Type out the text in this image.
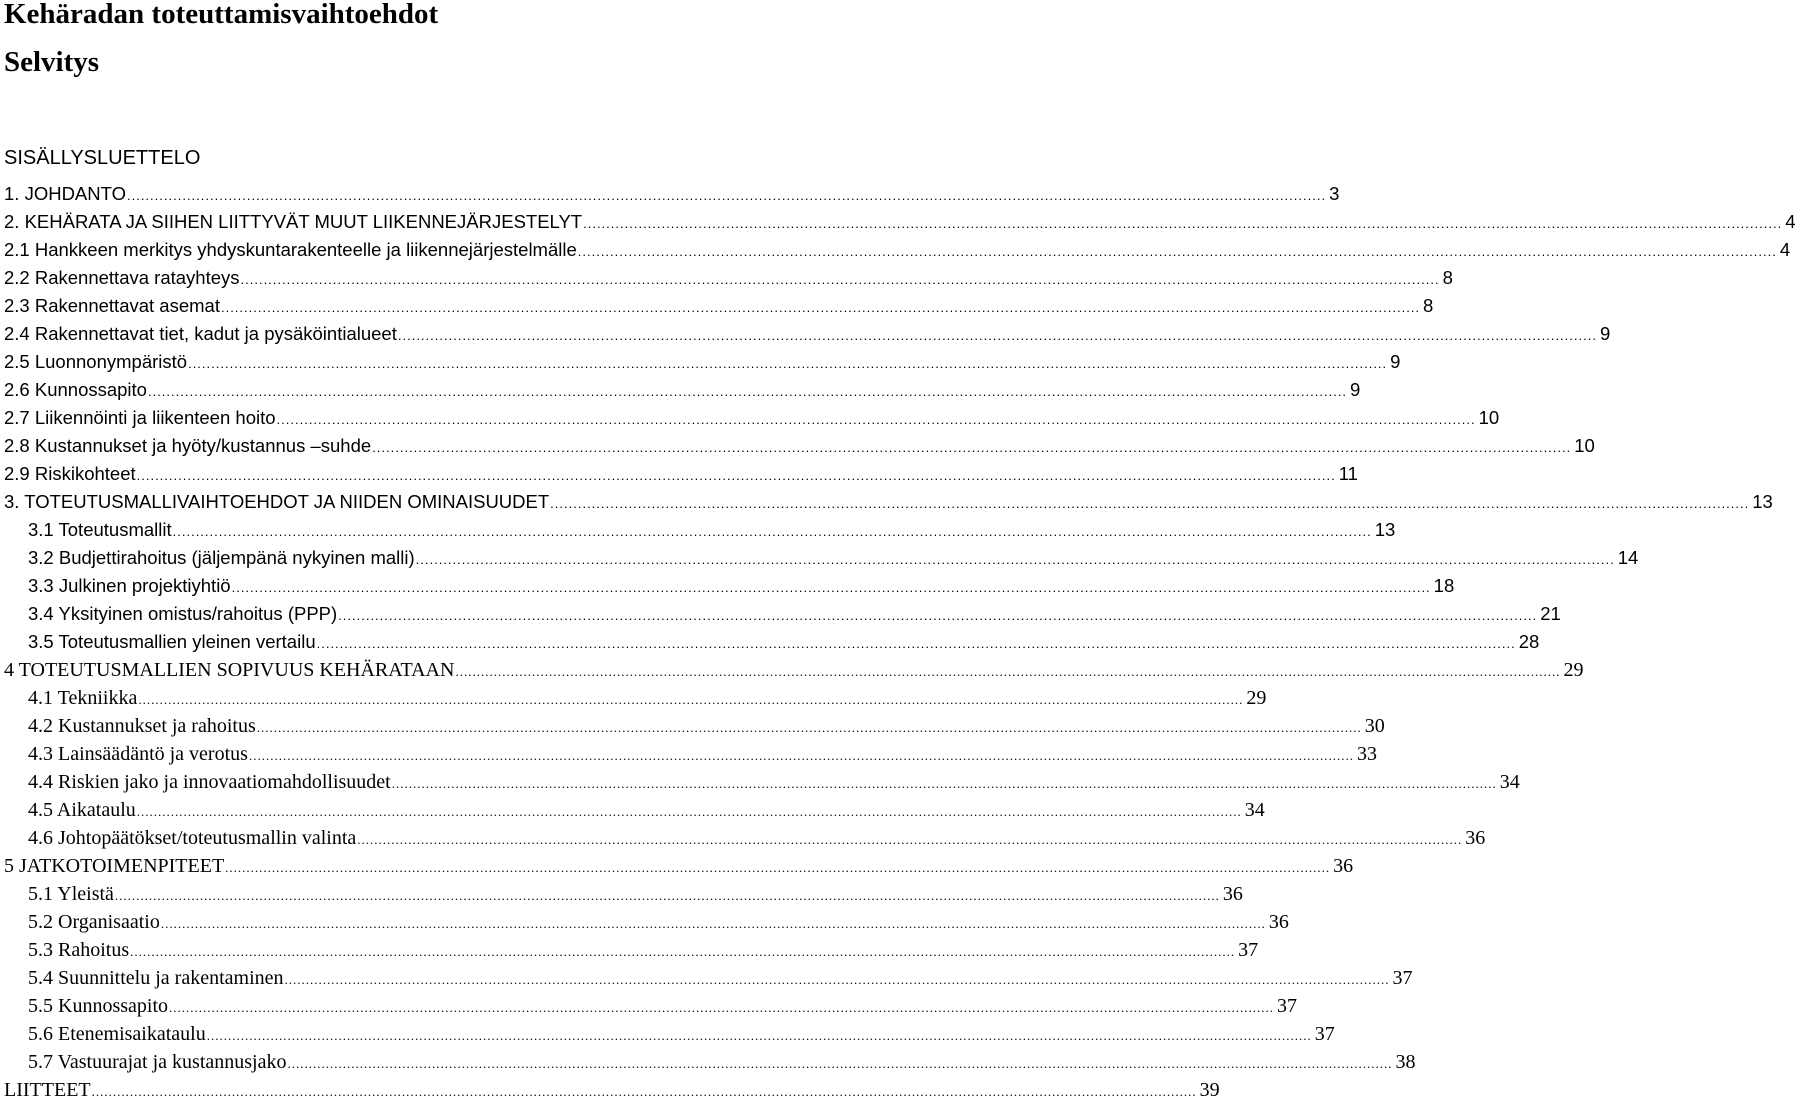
Kehäradan toteuttamisvaihtoehdot
Selvitys
SISÄLLYSLUETTELO
1. JOHDANTO .....	3
2. KEHÄRATA JA SIIHEN LIITTYVÄT MUUT LIIKENNEJÄRJESTELYT .....	4
2.1 Hankkeen merkitys yhdyskuntarakenteelle ja liikennejärjestelmälle .....	4
2.2 Rakennettava ratayhteys .....	8
2.3 Rakennettavat asemat .....	8
2.4 Rakennettavat tiet, kadut ja pysäköintialueet .....	9
2.5 Luonnonympäristö .....	9
2.6 Kunnossapito .....	9
2.7 Liikennöinti ja liikenteen hoito .....	10
2.8 Kustannukset ja hyöty/kustannus –suhde .....	10
2.9 Riskikohteet .....	11
3. TOTEUTUSMALLIVAIHTOEHDOT JA NIIDEN OMINAISUUDET .....	13
3.1 Toteutusmallit .....	13
3.2 Budjettirahoitus (jäljempänä nykyinen malli) .....	14
3.3 Julkinen projektiyhtiö .....	18
3.4 Yksityinen omistus/rahoitus (PPP) .....	21
3.5 Toteutusmallien yleinen vertailu .....	28
4 TOTEUTUSMALLIEN SOPIVUUS KEHÄRATAAN .....	29
4.1 Tekniikka .....	29
4.2 Kustannukset ja rahoitus .....	30
4.3 Lainsäädäntö ja verotus .....	33
4.4 Riskien jako ja innovaatiomahdollisuudet .....	34
4.5 Aikataulu .....	34
4.6 Johtopäätökset/toteutusmallin valinta .....	36
5 JATKOTOIMENPITEET .....	36
5.1 Yleistä .....	36
5.2 Organisaatio .....	36
5.3 Rahoitus .....	37
5.4 Suunnittelu ja rakentaminen .....	37
5.5 Kunnossapito .....	37
5.6 Etenemisaikataulu .....	37
5.7 Vastuurajat ja kustannusjako .....	38
LIITTEET .....	39
